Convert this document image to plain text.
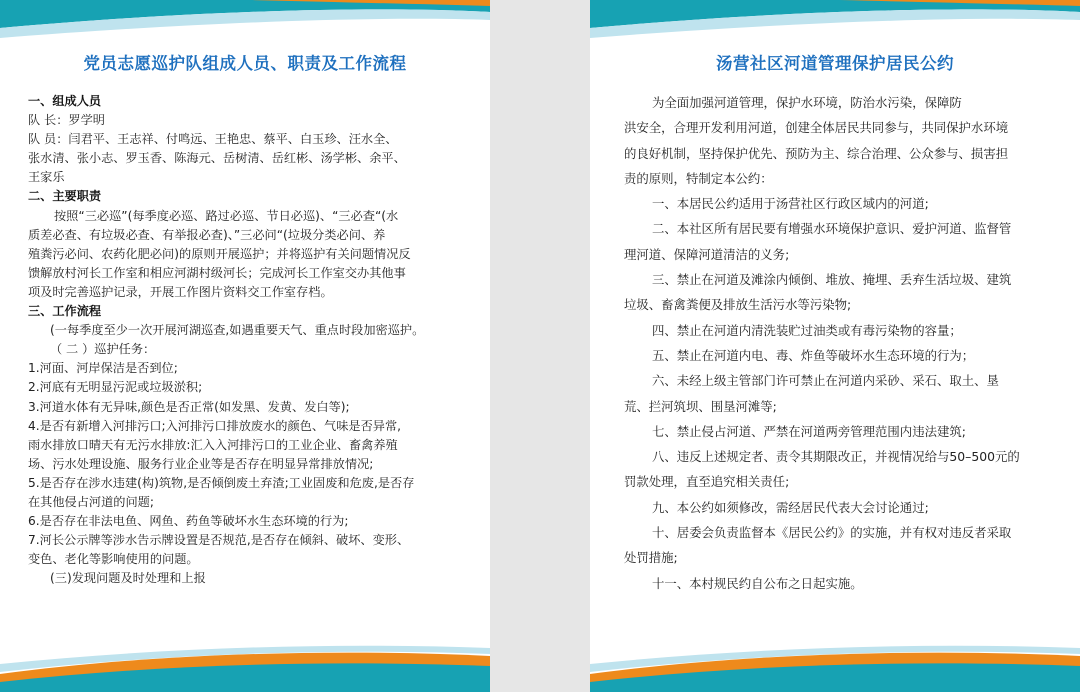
党员志愿巡护队组成人员、职责及工作流程
一、组成人员
队 长：罗学明
队 员：闫君平、王志祥、付鸣远、王艳忠、蔡平、白玉珍、汪水全、
张水清、张小志、罗玉香、陈海元、岳树清、岳红彬、汤学彬、余平、
王家乐
二、主要职责
按照“三必巡”(每季度必巡、路过必巡、节日必巡)、“三必查“(水
质差必查、有垃圾必查、有举报必查)、”三必问“(垃圾分类必问、养
殖粪污必问、农药化肥必问)的原则开展巡护；并将巡护有关问题情况反
馈解放村河长工作室和相应河湖村级河长；完成河长工作室交办其他事
项及时完善巡护记录，开展工作图片资料交工作室存档。
三、工作流程
(一每季度至少一次开展河湖巡查,如遇重要天气、重点时段加密巡护。
（ 二 ）巡护任务：
1.河面、河岸保洁是否到位;
2.河底有无明显污泥或垃圾淤积;
3.河道水体有无异味,颜色是否正常(如发黑、发黄、发白等);
4.是否有新增入河排污口;入河排污口排放废水的颜色、气味是否异常,
雨水排放口晴天有无污水排放:汇入入河排污口的工业企业、畜禽养殖
场、污水处理设施、服务行业企业等是否存在明显异常排放情况;
5.是否存在涉水违建(构)筑物,是否倾倒废土弃渣;工业固废和危废,是否存
在其他侵占河道的问题;
6.是否存在非法电鱼、网鱼、药鱼等破坏水生态环境的行为;
7.河长公示牌等涉水告示牌设置是否规范,是否存在倾斜、破坏、变形、
变色、老化等影响使用的问题。
(三)发现问题及时处理和上报
汤营社区河道管理保护居民公约
为全面加强河道管理，保护水环境，防治水污染，保障防
洪安全，合理开发利用河道，创建全体居民共同参与，共同保护水环境
的良好机制，坚持保护优先、预防为主、综合治理、公众参与、损害担
责的原则，特制定本公约：
一、本居民公约适用于汤营社区行政区域内的河道;
二、本社区所有居民要有增强水环境保护意识、爱护河道、监督管
理河道、保障河道清洁的义务;
三、禁止在河道及滩涂内倾倒、堆放、掩埋、丢弃生活垃圾、建筑
垃圾、畜禽粪便及排放生活污水等污染物;
四、禁止在河道内清洗装贮过油类或有毒污染物的容量；
五、禁止在河道内电、毒、炸鱼等破坏水生态环境的行为；
六、未经上级主管部门许可禁止在河道内采砂、采石、取土、垦
荒、拦河筑坝、围垦河滩等;
七、禁止侵占河道、严禁在河道两旁管理范围内违法建筑;
八、违反上述规定者、责令其期限改正，并视情况给与50–500元的
罚款处理，直至追究相关责任;
九、本公约如须修改，需经居民代表大会讨论通过;
十、居委会负责监督本《居民公约》的实施，并有权对违反者采取
处罚措施;
十一、本村规民约自公布之日起实施。
